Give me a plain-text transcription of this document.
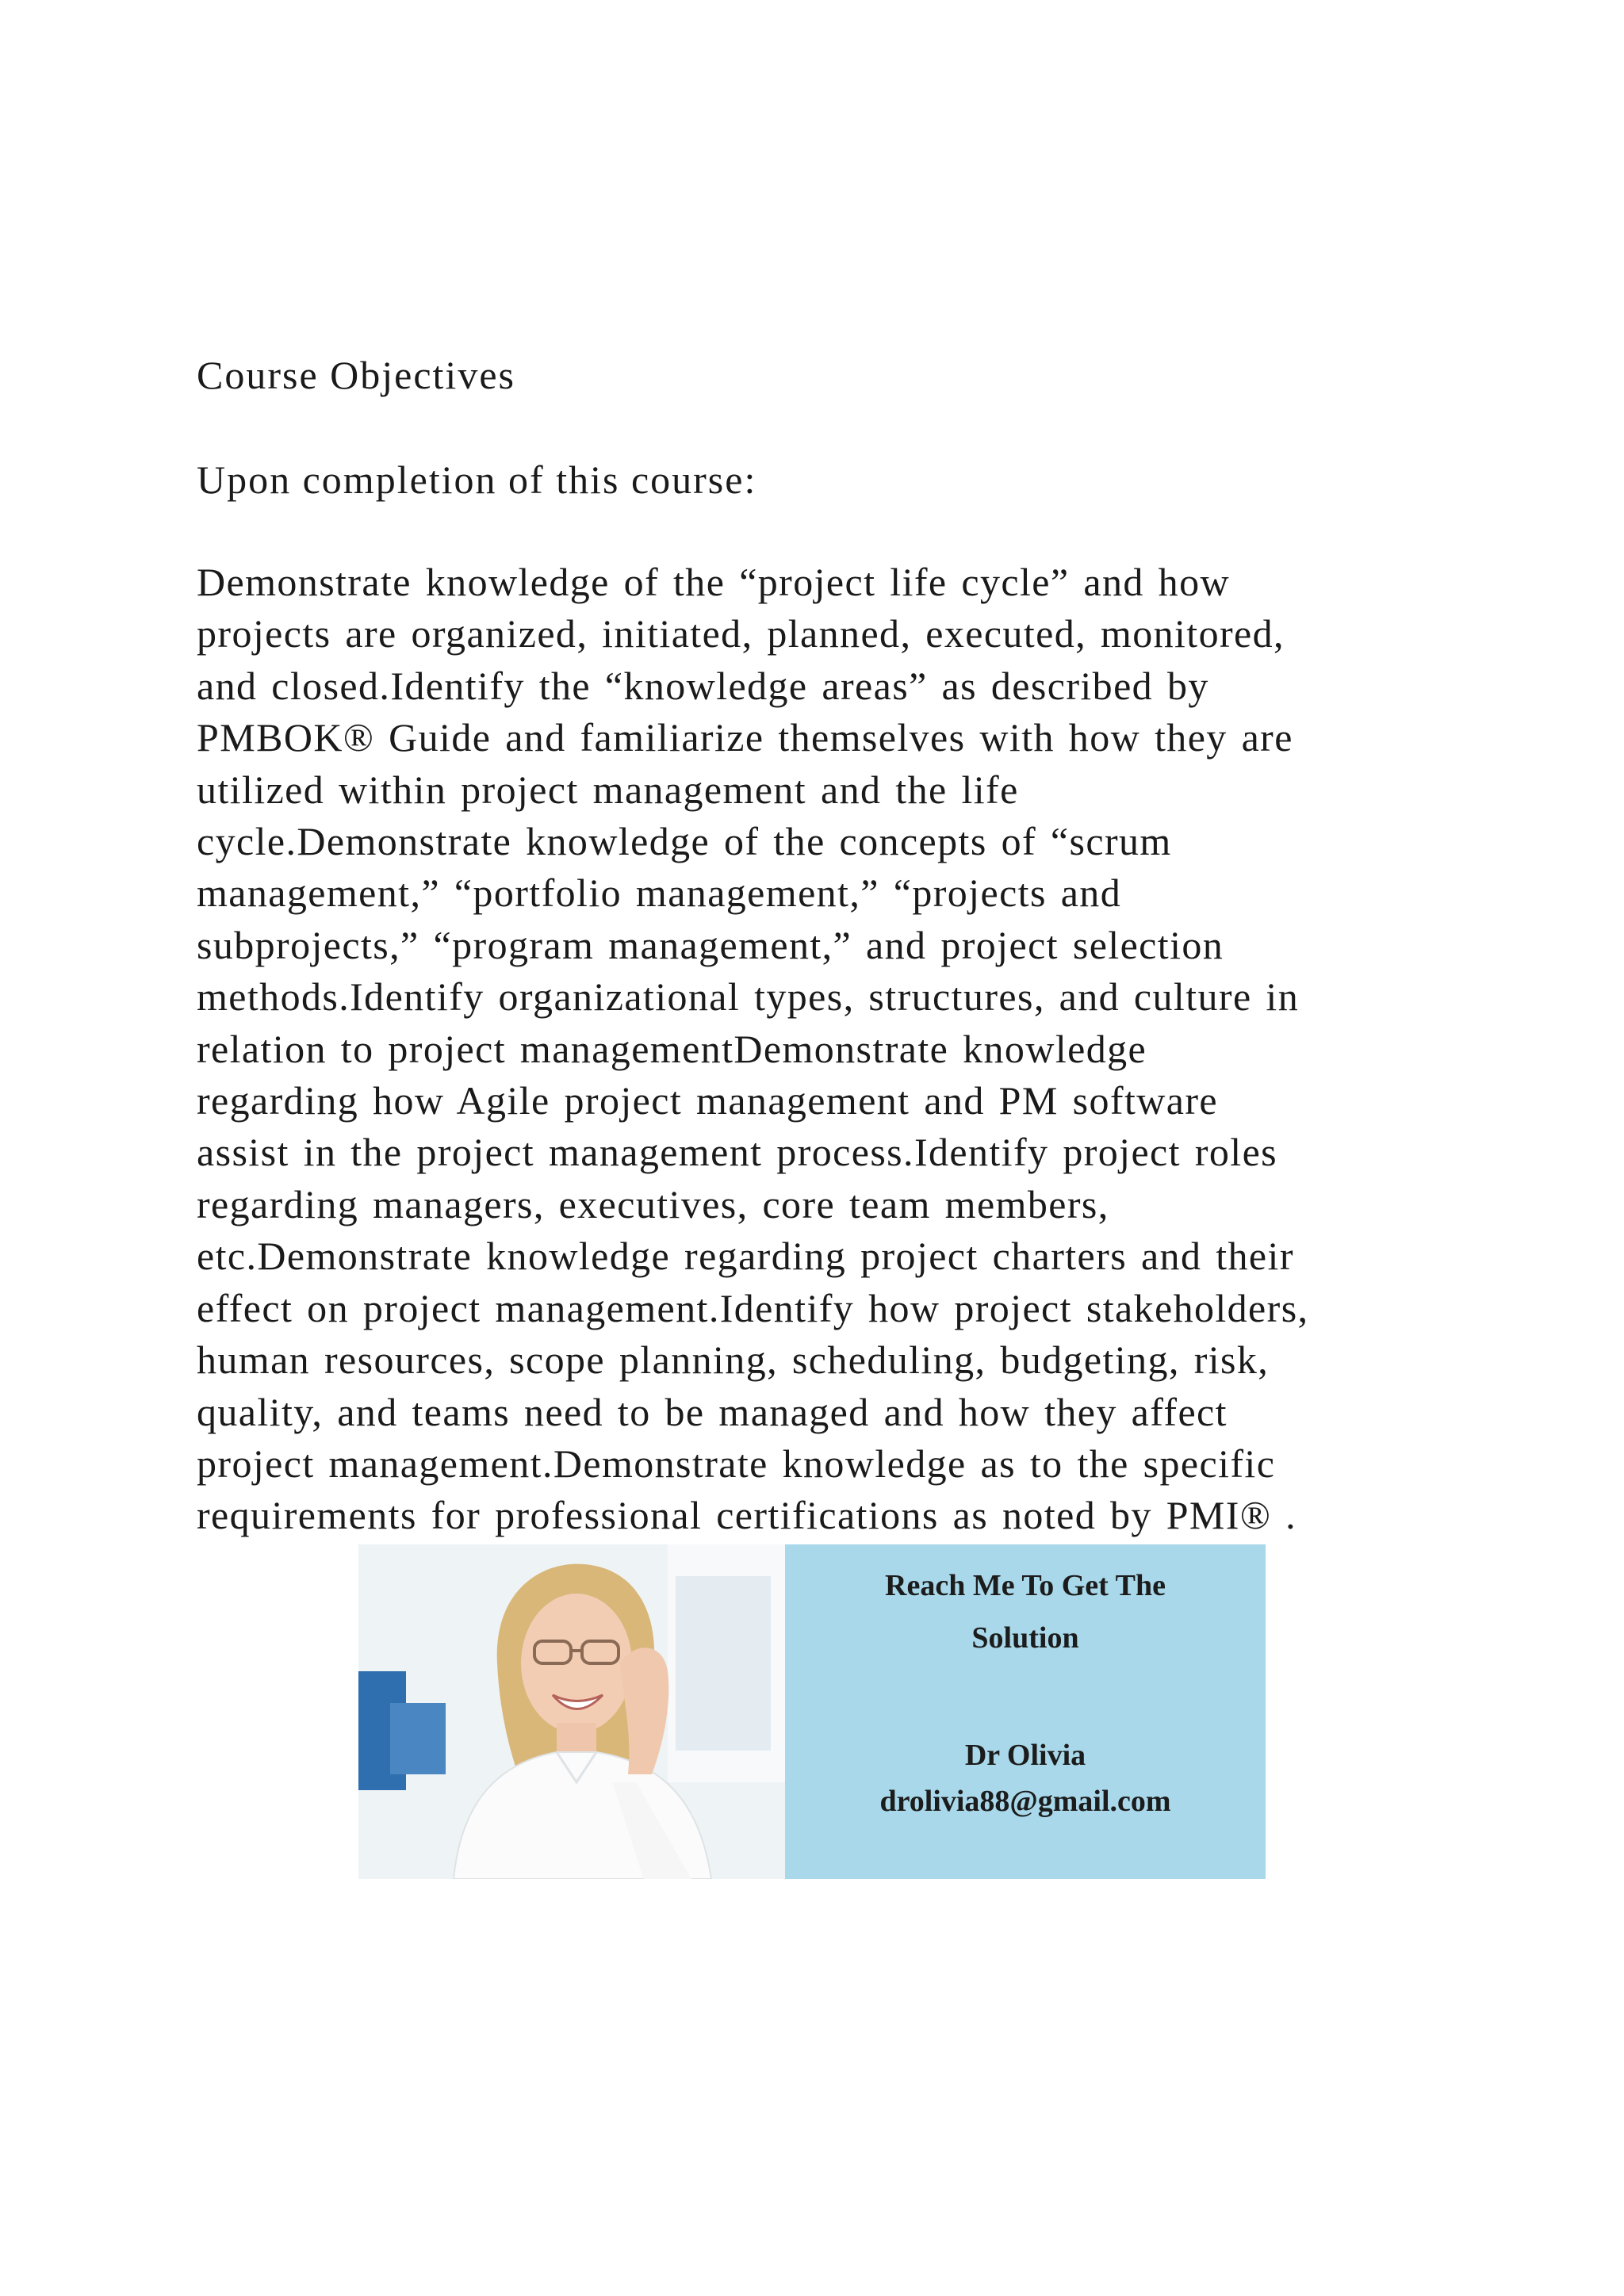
Course Objectives
Upon completion of this course:
Demonstrate knowledge of the “project life cycle” and how
projects are organized, initiated, planned, executed, monitored,
and closed.Identify the “knowledge areas” as described by
PMBOK® Guide and familiarize themselves with how they are
utilized within project management and the life
cycle.Demonstrate knowledge of the concepts of “scrum
management,” “portfolio management,” “projects and
subprojects,” “program management,” and project selection
methods.Identify organizational types, structures, and culture in
relation to project managementDemonstrate knowledge
regarding how Agile project management and PM software
assist in the project management process.Identify project roles
regarding managers, executives, core team members,
etc.Demonstrate knowledge regarding project charters and their
effect on project management.Identify how project stakeholders,
human resources, scope planning, scheduling, budgeting, risk,
quality, and teams need to be managed and how they affect
project management.Demonstrate knowledge as to the specific
requirements for professional certifications as noted by PMI® .
Reach Me To Get The
Solution
Dr Olivia
drolivia88@gmail.com
